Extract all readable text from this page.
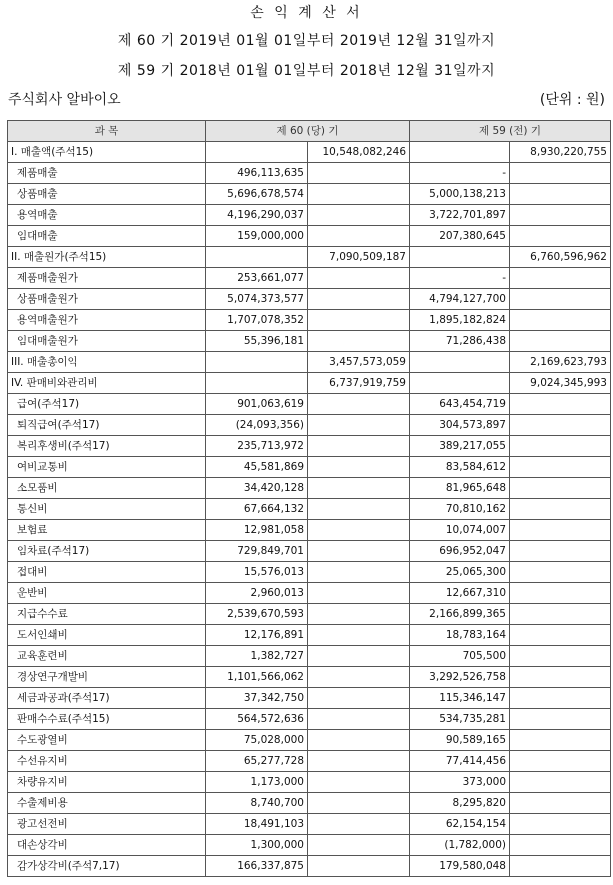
손 익 계 산 서
제 60 기 2019년 01월 01일부터 2019년 12월 31일까지
제 59 기 2018년 01월 01일부터 2018년 12월 31일까지
주식회사 알바이오	(단위 : 원)
과 목	제 60 (당) 기		제 59 (전) 기	
I. 매출액(주석15)		10,548,082,246		8,930,220,755
제품매출	496,113,635		-	
상품매출	5,696,678,574		5,000,138,213	
용역매출	4,196,290,037		3,722,701,897	
임대매출	159,000,000		207,380,645	
II. 매출원가(주석15)		7,090,509,187		6,760,596,962
제품매출원가	253,661,077		-	
상품매출원가	5,074,373,577		4,794,127,700	
용역매출원가	1,707,078,352		1,895,182,824	
임대매출원가	55,396,181		71,286,438	
III. 매출총이익		3,457,573,059		2,169,623,793
IV. 판매비와관리비		6,737,919,759		9,024,345,993
급여(주석17)	901,063,619		643,454,719	
퇴직급여(주석17)	(24,093,356)		304,573,897	
복리후생비(주석17)	235,713,972		389,217,055	
여비교통비	45,581,869		83,584,612	
소모품비	34,420,128		81,965,648	
통신비	67,664,132		70,810,162	
보험료	12,981,058		10,074,007	
임차료(주석17)	729,849,701		696,952,047	
접대비	15,576,013		25,065,300	
운반비	2,960,013		12,667,310	
지급수수료	2,539,670,593		2,166,899,365	
도서인쇄비	12,176,891		18,783,164	
교육훈련비	1,382,727		705,500	
경상연구개발비	1,101,566,062		3,292,526,758	
세금과공과(주석17)	37,342,750		115,346,147	
판매수수료(주석15)	564,572,636		534,735,281	
수도광열비	75,028,000		90,589,165	
수선유지비	65,277,728		77,414,456	
차량유지비	1,173,000		373,000	
수출제비용	8,740,700		8,295,820	
광고선전비	18,491,103		62,154,154	
대손상각비	1,300,000		(1,782,000)	
감가상각비(주석7,17)	166,337,875		179,580,048	
